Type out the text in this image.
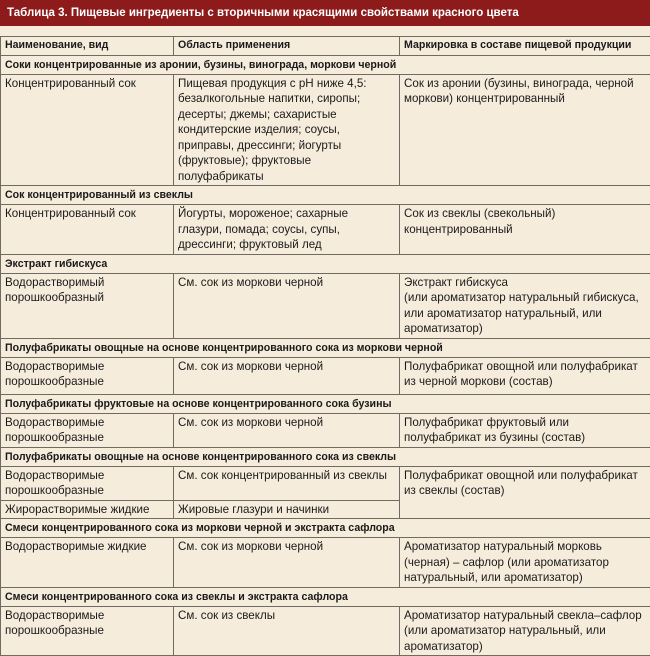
Таблица 3. Пищевые ингредиенты с вторичными красящими свойствами красного цвета
Наименование, вид	Область применения	Маркировка в составе пищевой продукции
Соки концентрированные из аронии, бузины, винограда, моркови черной		
Концентрированный сок	Пищевая продукция с рН ниже 4,5: безалкогольные напитки, сиропы; десерты; джемы; сахаристые кондитерские изделия; соусы, приправы, дрессинги; йогурты (фруктовые); фруктовые полуфабрикаты	Сок из аронии (бузины, винограда, черной моркови) концентрированный
Сок концентрированный из свеклы		
Концентрированный сок	Йогурты, мороженое; сахарные глазури, помада; соусы, супы, дрессинги; фруктовый лед	Сок из свеклы (свекольный) концентрированный
Экстракт гибискуса		
Водорастворимый порошкообразный	См. сок из моркови черной	Экстракт гибискуса
(или ароматизатор натуральный гибискуса, или ароматизатор натуральный, или ароматизатор)

Полуфабрикаты овощные на основе концентрированного сока из моркови черной		
Водорастворимые порошкообразные	См. сок из моркови черной	Полуфабрикат овощной или полуфабрикат из черной моркови (состав)
Полуфабрикаты фруктовые на основе концентрированного сока бузины		
Водорастворимые порошкообразные	См. сок из моркови черной	Полуфабрикат фруктовый или полуфабрикат из бузины (состав)
Полуфабрикаты овощные на основе концентрированного сока из свеклы		
Водорастворимые порошкообразные	См. сок концентрированный из свеклы	Полуфабрикат овощной или полуфабрикат из свеклы (состав)
Жирорастворимые жидкие	Жировые глазури и начинки	
Смеси концентрированного сока из моркови черной и экстракта сафлора		
Водорастворимые жидкие	См. сок из моркови черной	Ароматизатор натуральный морковь (черная) – сафлор (или ароматизатор натуральный, или ароматизатор)
Смеси концентрированного сока из свеклы и экстракта сафлора		
Водорастворимые порошкообразные	См. сок из свеклы	Ароматизатор натуральный свекла–сафлор (или ароматизатор натуральный, или ароматизатор)
